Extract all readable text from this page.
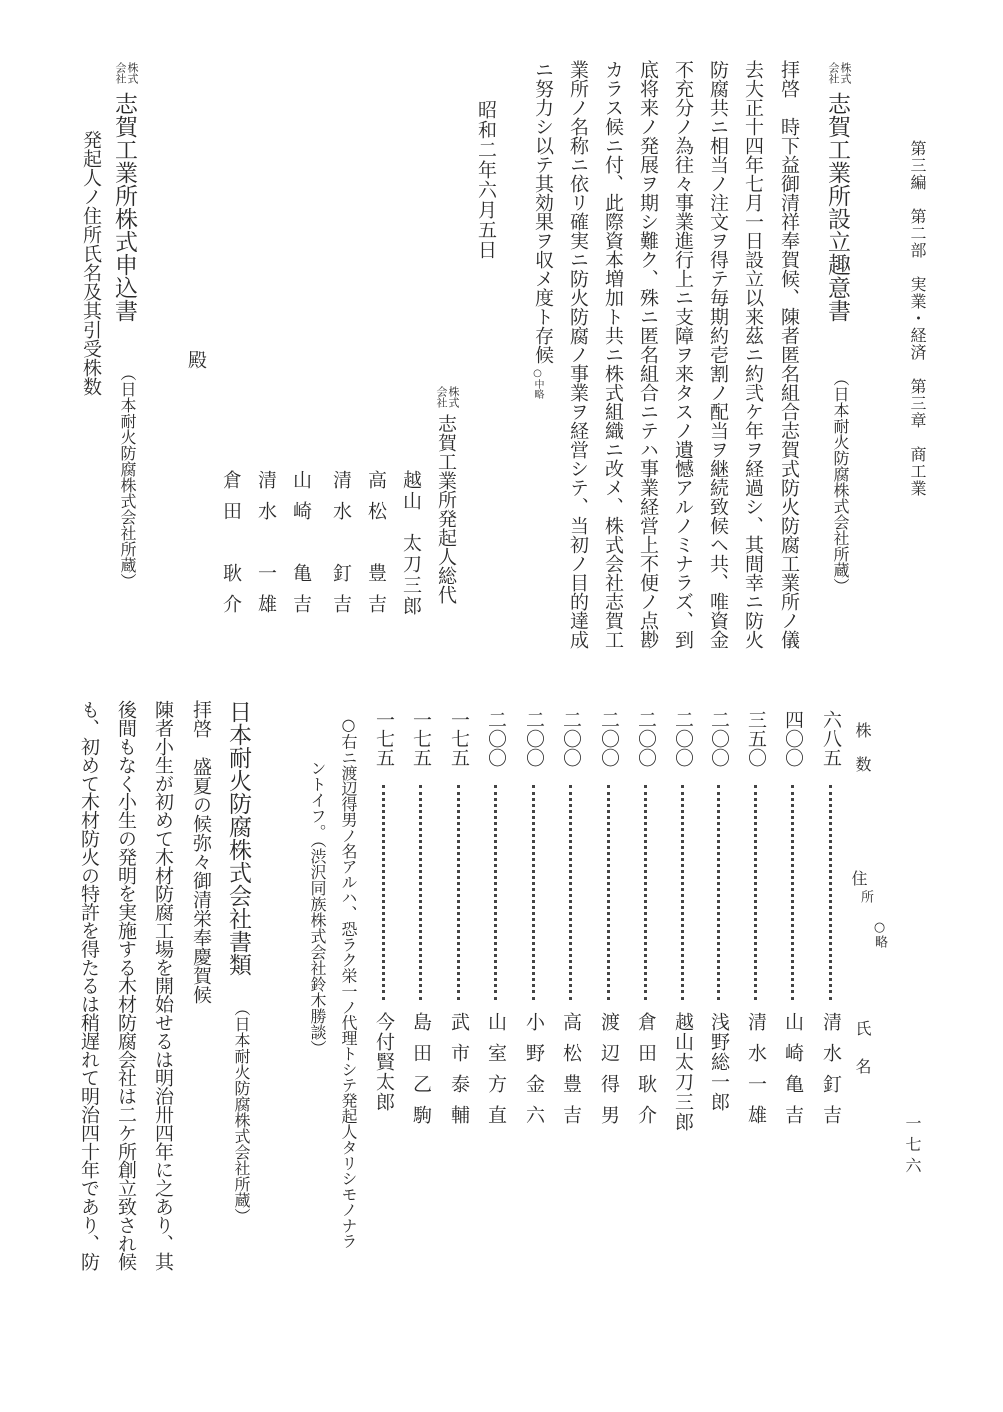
第三編　第二部　実業・経済　第三章　商工業
株式会社
志賀工業所設立趣意書
（日本耐火防腐株式会社所蔵）
拝啓　時下益御清祥奉賀候、陳者匿名組合志賀式防火防腐工業所ノ儀
去大正十四年七月一日設立以来茲ニ約弐ケ年ヲ経過シ、其間幸ニ防火
防腐共ニ相当ノ注文ヲ得テ毎期約壱割ノ配当ヲ継続致候ヘ共、唯資金
不充分ノ為往々事業進行上ニ支障ヲ来タスノ遺憾アルノミナラズ、到
底将来ノ発展ヲ期シ難ク、殊ニ匿名組合ニテハ事業経営上不便ノ点尠
カラス候ニ付、此際資本増加ト共ニ株式組織ニ改メ、株式会社志賀工
業所ノ名称ニ依リ確実ニ防火防腐ノ事業ヲ経営シテ、当初ノ目的達成
ニ努力シ以テ其効果ヲ収メ度ト存候
○中略
昭和二年六月五日
株式会社
志賀工業所発起人総代
越山　太刀三郎
高松　豊吉
清水　釘吉
山崎　亀吉
清水　一雄
倉田　耿介
殿
株式会社
志賀工業所株式申込書
（日本耐火防腐株式会社所蔵）
発起人ノ住所氏名及其引受株数
一七六
株数
住
所
○略
氏名
六八五
清水釘吉
四〇〇
山崎亀吉
三五〇
清水一雄
二〇〇
浅野総一郎
二〇〇
越山太刀三郎
二〇〇
倉田耿介
二〇〇
渡辺得男
二〇〇
高松豊吉
二〇〇
小野金六
二〇〇
山室方直
一七五
武市泰輔
一七五
島田乙駒
一七五
今付賢太郎
○右ニ渡辺得男ノ名アルハ、恐ラク栄一ノ代理トシテ発起人タリシモノナラ
ントイフ。（渋沢同族株式会社鈴木勝談）
日本耐火防腐株式会社書類
（日本耐火防腐株式会社所蔵）
拝啓　盛夏の候弥々御清栄奉慶賀候
陳者小生が初めて木材防腐工場を開始せるは明治卅四年に之あり、其
後間もなく小生の発明を実施する木材防腐会社は二ケ所創立致され候
も、初めて木材防火の特許を得たるは稍遅れて明治四十年であり、防
